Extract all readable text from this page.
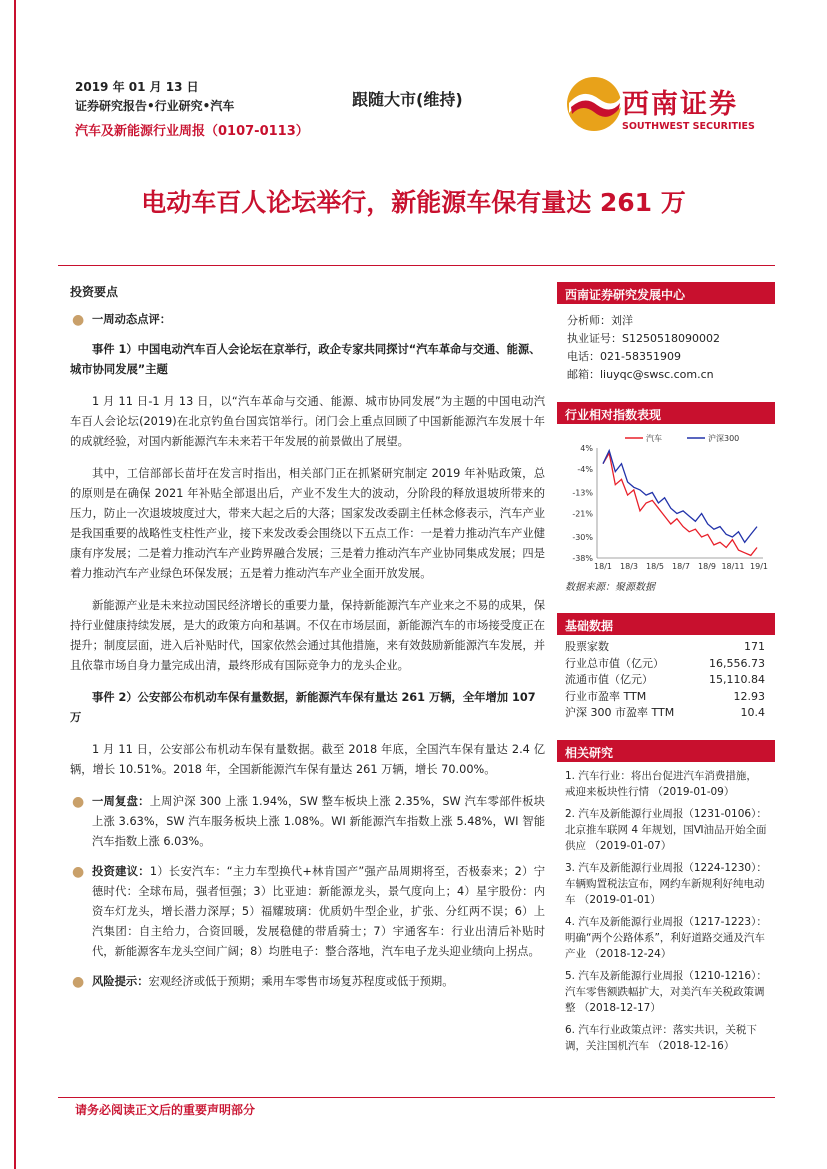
2019 年 01 月 13 日
证券研究报告•行业研究•汽车
汽车及新能源行业周报（0107-0113）
跟随大市(维持)	西南证券
SOUTHWEST SECURITIES
电动车百人论坛举行，新能源车保有量达 261 万
投资要点
● 一周动态点评：
事件 1）中国电动汽车百人会论坛在京举行，政企专家共同探讨“汽车革命与交通、能源、城市协同发展”主题

1 月 11 日-1 月 13 日，以“汽车革命与交通、能源、城市协同发展”为主题的中国电动汽车百人会论坛(2019)在北京钓鱼台国宾馆举行。闭门会上重点回顾了中国新能源汽车发展十年的成就经验，对国内新能源汽车未来若干年发展的前景做出了展望。

其中，工信部部长苗圩在发言时指出，相关部门正在抓紧研究制定 2019 年补贴政策，总的原则是在确保 2021 年补贴全部退出后，产业不发生大的波动，分阶段的释放退坡所带来的压力，防止一次退坡坡度过大，带来大起之后的大落；国家发改委副主任林念修表示，汽车产业是我国重要的战略性支柱性产业，接下来发改委会围绕以下五点工作：一是着力推动汽车产业健康有序发展；二是着力推动汽车产业跨界融合发展；三是着力推动汽车产业协同集成发展；四是着力推动汽车产业绿色环保发展；五是着力推动汽车产业全面开放发展。

新能源产业是未来拉动国民经济增长的重要力量，保持新能源汽车产业来之不易的成果，保持行业健康持续发展，是大的政策方向和基调。不仅在市场层面，新能源汽车的市场接受度正在提升；制度层面，进入后补贴时代，国家依然会通过其他措施，来有效鼓励新能源汽车发展，并且依靠市场自身力量完成出清，最终形成有国际竞争力的龙头企业。

事件 2）公安部公布机动车保有量数据，新能源汽车保有量达 261 万辆，全年增加 107 万

1 月 11 日，公安部公布机动车保有量数据。截至 2018 年底，全国汽车保有量达 2.4 亿辆，增长 10.51%。2018 年，全国新能源汽车保有量达 261 万辆，增长 70.00%。

● 一周复盘：上周沪深 300 上涨 1.94%，SW 整车板块上涨 2.35%，SW 汽车零部件板块上涨 3.63%，SW 汽车服务板块上涨 1.08%。WI 新能源汽车指数上涨 5.48%，WI 智能汽车指数上涨 6.03%。
● 投资建议：1）长安汽车：“主力车型换代+林肯国产”强产品周期将至，否极泰来；2）宁德时代：全球布局，强者恒强；3）比亚迪：新能源龙头，景气度向上；4）星宇股份：内资车灯龙头，增长潜力深厚；5）福耀玻璃：优质奶牛型企业，扩张、分红两不误；6）上汽集团：自主给力，合资回暖，发展稳健的带盾骑士；7）宇通客车：行业出清后补贴时代，新能源客车龙头空间广阔；8）均胜电子：整合落地，汽车电子龙头迎业绩向上拐点。
● 风险提示：宏观经济或低于预期；乘用车零售市场复苏程度或低于预期。
西南证券研究发展中心
分析师：刘洋
执业证号：S1250518090002
电话：021-58351909
邮箱：liuyqc@swsc.com.cn
行业相对指数表现
4%
-4%
-13%
-21%
-30%
-38%
18/1 18/3 18/5 18/7 18/9 18/11 19/1
汽车	沪深300
数据来源：聚源数据
基础数据
股票家数	171
行业总市值（亿元）	16,556.73
流通市值（亿元）	15,110.84
行业市盈率 TTM	12.93
沪深 300 市盈率 TTM	10.4
相关研究
1. 汽车行业：将出台促进汽车消费措施，戒迎来板块性行情 （2019-01-09）
2. 汽车及新能源行业周报（1231-0106）：北京推车联网 4 年规划，国Ⅵ油品开始全面供应 （2019-01-07）
3. 汽车及新能源行业周报（1224-1230）：车辆购置税法宣布，网约车新规利好纯电动车 （2019-01-01）
4. 汽车及新能源行业周报（1217-1223）：明确“两个公路体系”，利好道路交通及汽车产业 （2018-12-24）
5. 汽车及新能源行业周报（1210-1216）：汽车零售额跌幅扩大，对美汽车关税政策调整 （2018-12-17）
6. 汽车行业政策点评：落实共识，关税下调，关注国机汽车 （2018-12-16）
请务必阅读正文后的重要声明部分
